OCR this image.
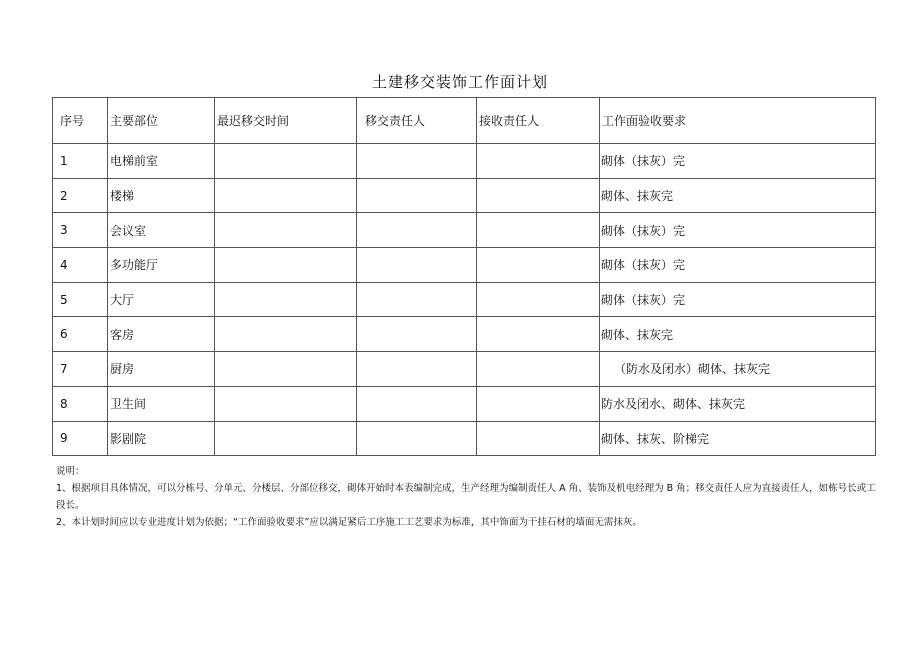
土建移交装饰工作面计划
序号	主要部位	最迟移交时间	移交责任人	接收责任人	工作面验收要求
1	电梯前室				砌体（抹灰）完
2	楼梯				砌体、抹灰完
3	会议室				砌体（抹灰）完
4	多功能厅				砌体（抹灰）完
5	大厅				砌体（抹灰）完
6	客房				砌体、抹灰完
7	厨房				（防水及闭水）砌体、抹灰完
8	卫生间				防水及闭水、砌体、抹灰完
9	影剧院				砌体、抹灰、阶梯完

说明：

1、根据项目具体情况，可以分栋号、分单元、分楼层、分部位移交，砌体开始时本表编制完成，生产经理为编制责任人 A 角、装饰及机电经理为 B 角；移交责任人应为直接责任人，如栋号长或工段长。

2、本计划时间应以专业进度计划为依据；“工作面验收要求”应以满足紧后工序施工工艺要求为标准，其中饰面为干挂石材的墙面无需抹灰。
